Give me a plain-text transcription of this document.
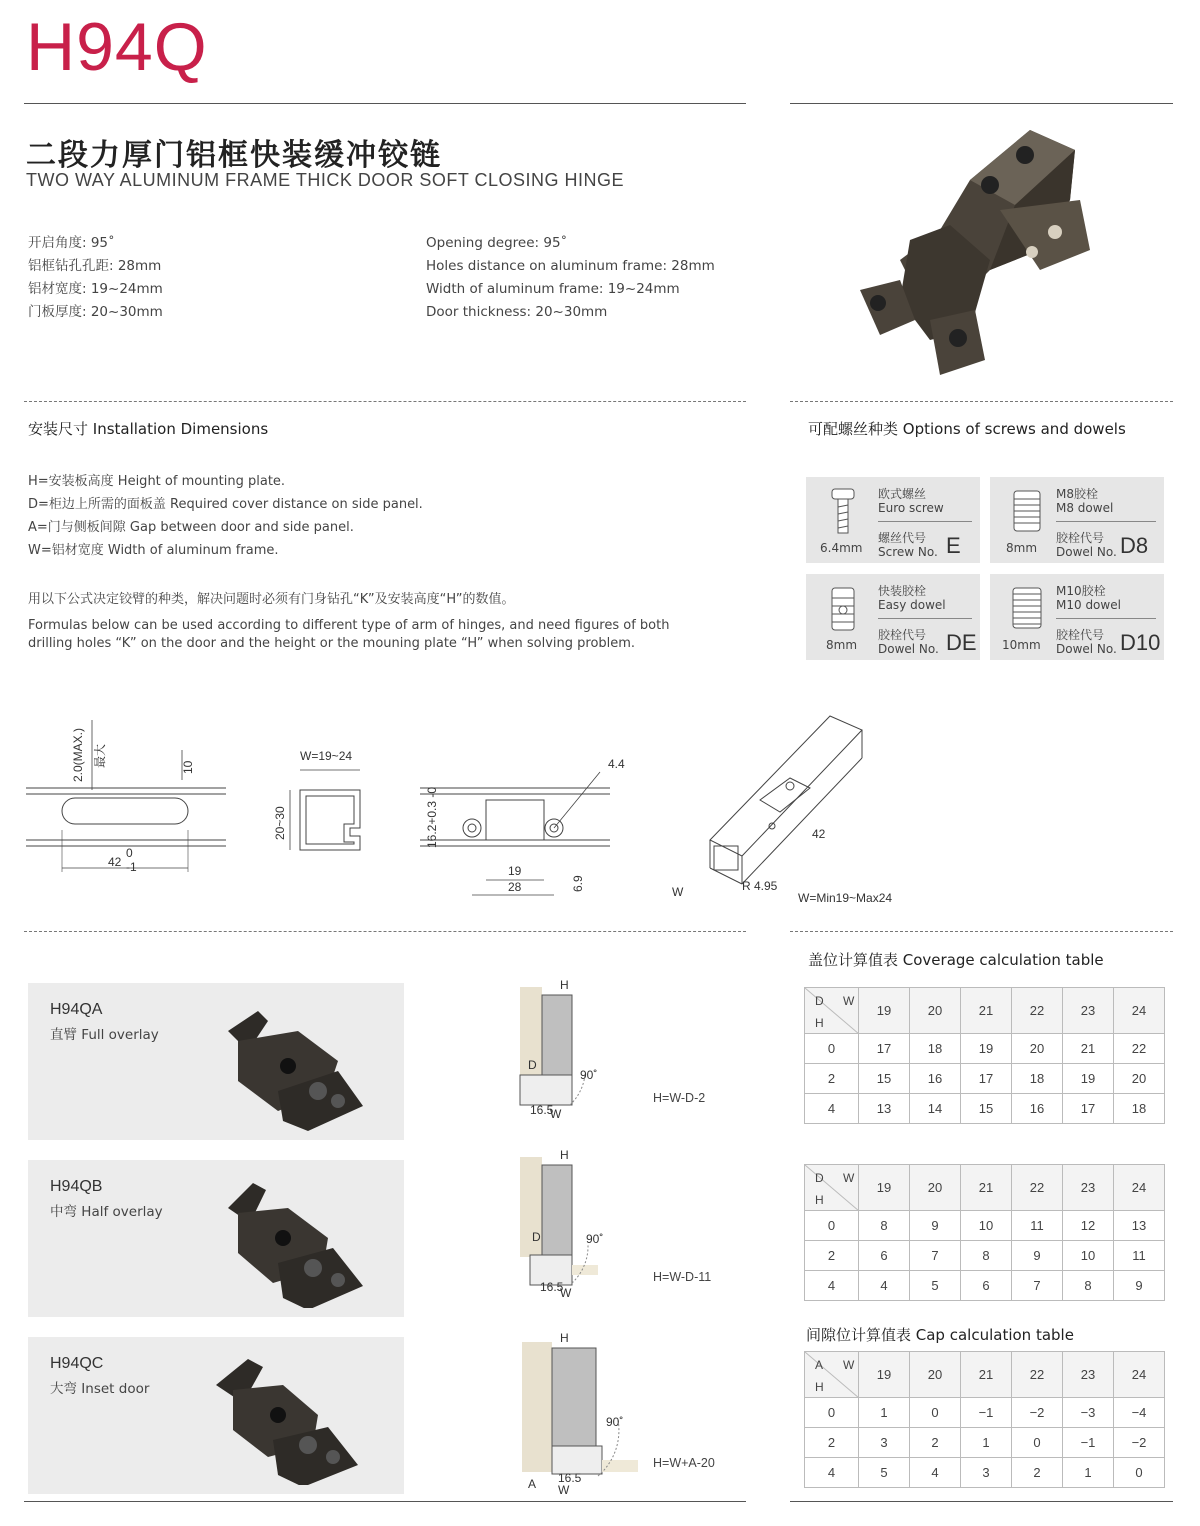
H94Q
二段力厚门铝框快装缓冲铰链
TWO WAY ALUMINUM FRAME THICK DOOR SOFT CLOSING HINGE
开启角度: 95˚
铝框钻孔孔距: 28mm
铝材宽度: 19~24mm
门板厚度: 20~30mm
Opening degree: 95˚
Holes distance on aluminum frame: 28mm
Width of aluminum frame: 19~24mm
Door thickness: 20~30mm
安装尺寸 Installation Dimensions
H=安装板高度 Height of mounting plate.
D=柜边上所需的面板盖 Required cover distance on side panel.
A=门与侧板间隙 Gap between door and side panel.
W=铝材宽度 Width of aluminum frame.
用以下公式决定铰臂的种类，解决问题时必须有门身钻孔“K”及安装高度“H”的数值。
Formulas below can be used according to different type of arm of hinges, and need figures of both
drilling holes “K” on the door and the height or the mouning plate “H” when solving problem.
可配螺丝种类 Options of screws and dowels
欧式螺丝
Euro screw
螺丝代号
Screw No. E
6.4mm
M8胶栓
M8 dowel
胶栓代号
Dowel No. D8
8mm
快装胶栓
Easy dowel
胶栓代号
Dowel No. DE
8mm
M10胶栓
M10 dowel
胶栓代号
Dowel No. D10
10mm
42
0
-1
2.0(MAX.) 最大	10
W=19~24
20~30
4.4
16.2+0.3 -0
19
28	6.9
42
R 4.95
W	W=Min19~Max24
H94QA
直臂 Full overlay
H94QB
中弯 Half overlay
H94QC
大弯 Inset door
H
D
90˚
16.5
W
H
D	90˚
16.5
W
H
A
90˚
16.5
W
H=W-D-2
H=W-D-11
H=W+A-20
盖位计算值表 Coverage calculation table
D W
H	19	20	21	22	23	24
0	17	18	19	20	21	22
2	15	16	17	18	19	20
4	13	14	15	16	17	18
D W
H	19	20	21	22	23	24
0	8	9	10	11	12	13
2	6	7	8	9	10	11
4	4	5	6	7	8	9
间隙位计算值表 Cap calculation table
A W
H	19	20	21	22	23	24
0	1	0	−1	−2	−3	−4
2	3	2	1	0	−1	−2
4	5	4	3	2	1	0
